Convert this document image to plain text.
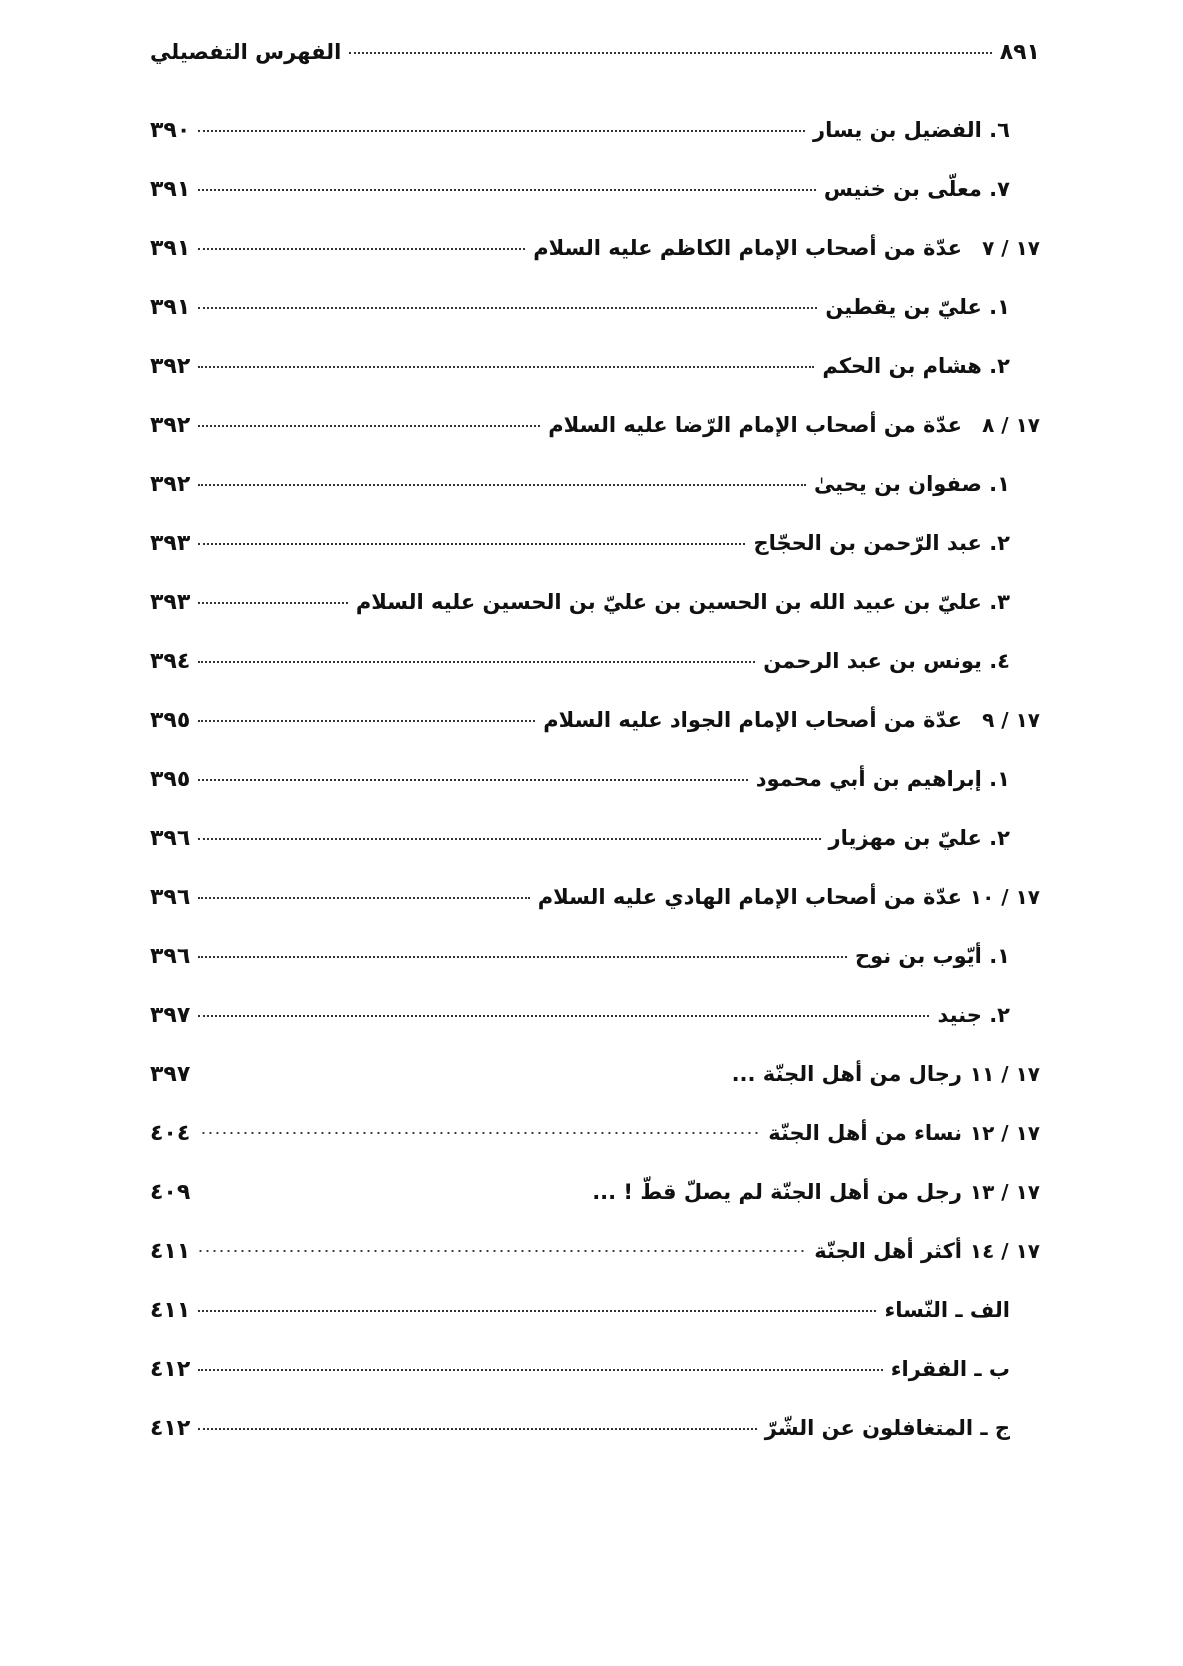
الفهرس التفصيلي	٨٩١
٦. الفضيل بن يسار
٣٩٠
٧. معلّى بن خنيس
٣٩١
١٧ / ٧
عدّة من أصحاب الإمام الكاظم عليه السلام
٣٩١
١. عليّ بن يقطين
٣٩١
٢. هشام بن الحكم
٣٩٢
١٧ / ٨
عدّة من أصحاب الإمام الرّضا عليه السلام
٣٩٢
١. صفوان بن يحيىٰ
٣٩٢
٢. عبد الرّحمن بن الحجّاج
٣٩٣
٣. عليّ بن عبيد الله بن الحسين بن عليّ بن الحسين عليه السلام
٣٩٣
٤. يونس بن عبد الرحمن
٣٩٤
١٧ / ٩
عدّة من أصحاب الإمام الجواد عليه السلام
٣٩٥
١. إبراهيم بن أبي محمود
٣٩٥
٢. عليّ بن مهزيار
٣٩٦
١٧ / ١٠
عدّة من أصحاب الإمام الهادي عليه السلام
٣٩٦
١. أيّوب بن نوح
٣٩٦
٢. جنيد
٣٩٧
١٧ / ١١
رجال من أهل الجنّة ...
٣٩٧
١٧ / ١٢
نساء من أهل الجنّة
٤٠٤
١٧ / ١٣
رجل من أهل الجنّة لم يصلّ قطّ ! ...
٤٠٩
١٧ / ١٤
أكثر أهل الجنّة
٤١١
الف ـ النّساء
٤١١
ب ـ الفقراء
٤١٢
ج ـ المتغافلون عن الشّرّ
٤١٢
